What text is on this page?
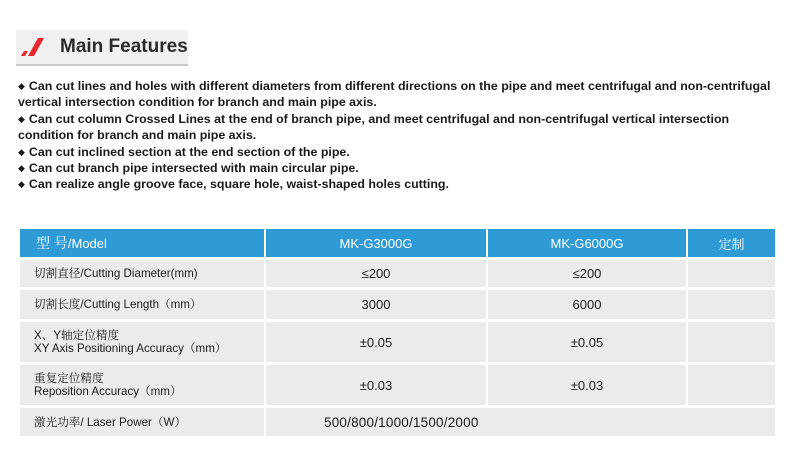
Main Features

◆ Can cut lines and holes with different diameters from different directions on the pipe and meet centrifugal and non-centrifugal vertical intersection condition for branch and main pipe axis.

◆ Can cut column Crossed Lines at the end of branch pipe, and meet centrifugal and non-centrifugal vertical intersection condition for branch and main pipe axis.

◆ Can cut inclined section at the end section of the pipe.

◆ Can cut branch pipe intersected with main circular pipe.

◆ Can realize angle groove face, square hole, waist-shaped holes cutting.

型 号/Model	MK-G3000G	MK-G6000G	定制
切割直径/Cutting Diameter(mm)	≤200	≤200	
切割长度/Cutting Length（mm）	3000	6000	

X、Y轴定位精度
XY Axis Positioning Accuracy（mm）	±0.05	±0.05	

重复定位精度
Reposition Accuracy（mm）	±0.03	±0.03	
激光功率/ Laser Power（W）	500/800/1000/1500/2000		
